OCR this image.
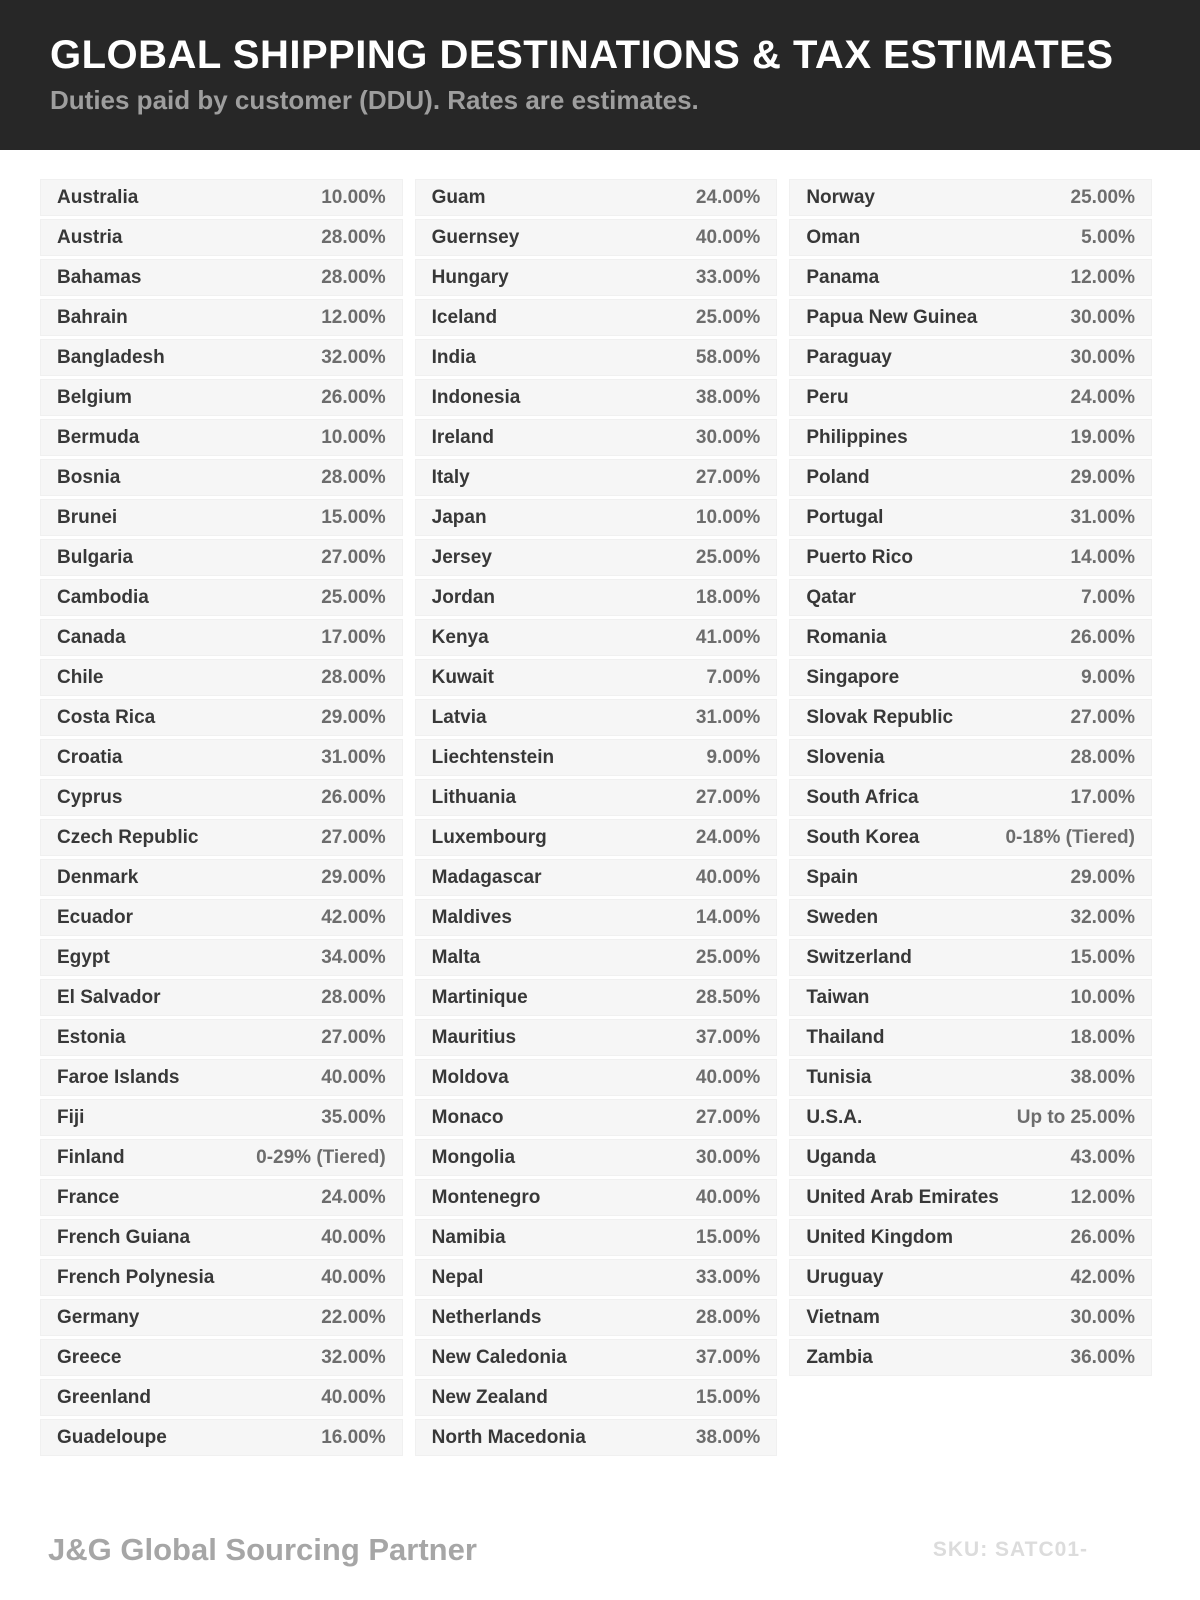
GLOBAL SHIPPING DESTINATIONS & TAX ESTIMATES

Duties paid by customer (DDU). Rates are estimates.

Australia	10.00%
Austria	28.00%
Bahamas	28.00%
Bahrain	12.00%
Bangladesh	32.00%
Belgium	26.00%
Bermuda	10.00%
Bosnia	28.00%
Brunei	15.00%
Bulgaria	27.00%
Cambodia	25.00%
Canada	17.00%
Chile	28.00%
Costa Rica	29.00%
Croatia	31.00%
Cyprus	26.00%
Czech Republic	27.00%
Denmark	29.00%
Ecuador	42.00%
Egypt	34.00%
El Salvador	28.00%
Estonia	27.00%
Faroe Islands	40.00%
Fiji	35.00%
Finland	0-29% (Tiered)
France	24.00%
French Guiana	40.00%
French Polynesia	40.00%
Germany	22.00%
Greece	32.00%
Greenland	40.00%
Guadeloupe	16.00%
Guam	24.00%
Guernsey	40.00%
Hungary	33.00%
Iceland	25.00%
India	58.00%
Indonesia	38.00%
Ireland	30.00%
Italy	27.00%
Japan	10.00%
Jersey	25.00%
Jordan	18.00%
Kenya	41.00%
Kuwait	7.00%
Latvia	31.00%
Liechtenstein	9.00%
Lithuania	27.00%
Luxembourg	24.00%
Madagascar	40.00%
Maldives	14.00%
Malta	25.00%
Martinique	28.50%
Mauritius	37.00%
Moldova	40.00%
Monaco	27.00%
Mongolia	30.00%
Montenegro	40.00%
Namibia	15.00%
Nepal	33.00%
Netherlands	28.00%
New Caledonia	37.00%
New Zealand	15.00%
North Macedonia	38.00%
Norway	25.00%
Oman	5.00%
Panama	12.00%
Papua New Guinea	30.00%
Paraguay	30.00%
Peru	24.00%
Philippines	19.00%
Poland	29.00%
Portugal	31.00%
Puerto Rico	14.00%
Qatar	7.00%
Romania	26.00%
Singapore	9.00%
Slovak Republic	27.00%
Slovenia	28.00%
South Africa	17.00%
South Korea	0-18% (Tiered)
Spain	29.00%
Sweden	32.00%
Switzerland	15.00%
Taiwan	10.00%
Thailand	18.00%
Tunisia	38.00%
U.S.A.	Up to 25.00%
Uganda	43.00%
United Arab Emirates	12.00%
United Kingdom	26.00%
Uruguay	42.00%
Vietnam	30.00%
Zambia	36.00%
J&G Global Sourcing Partner	SKU: SATC01-
